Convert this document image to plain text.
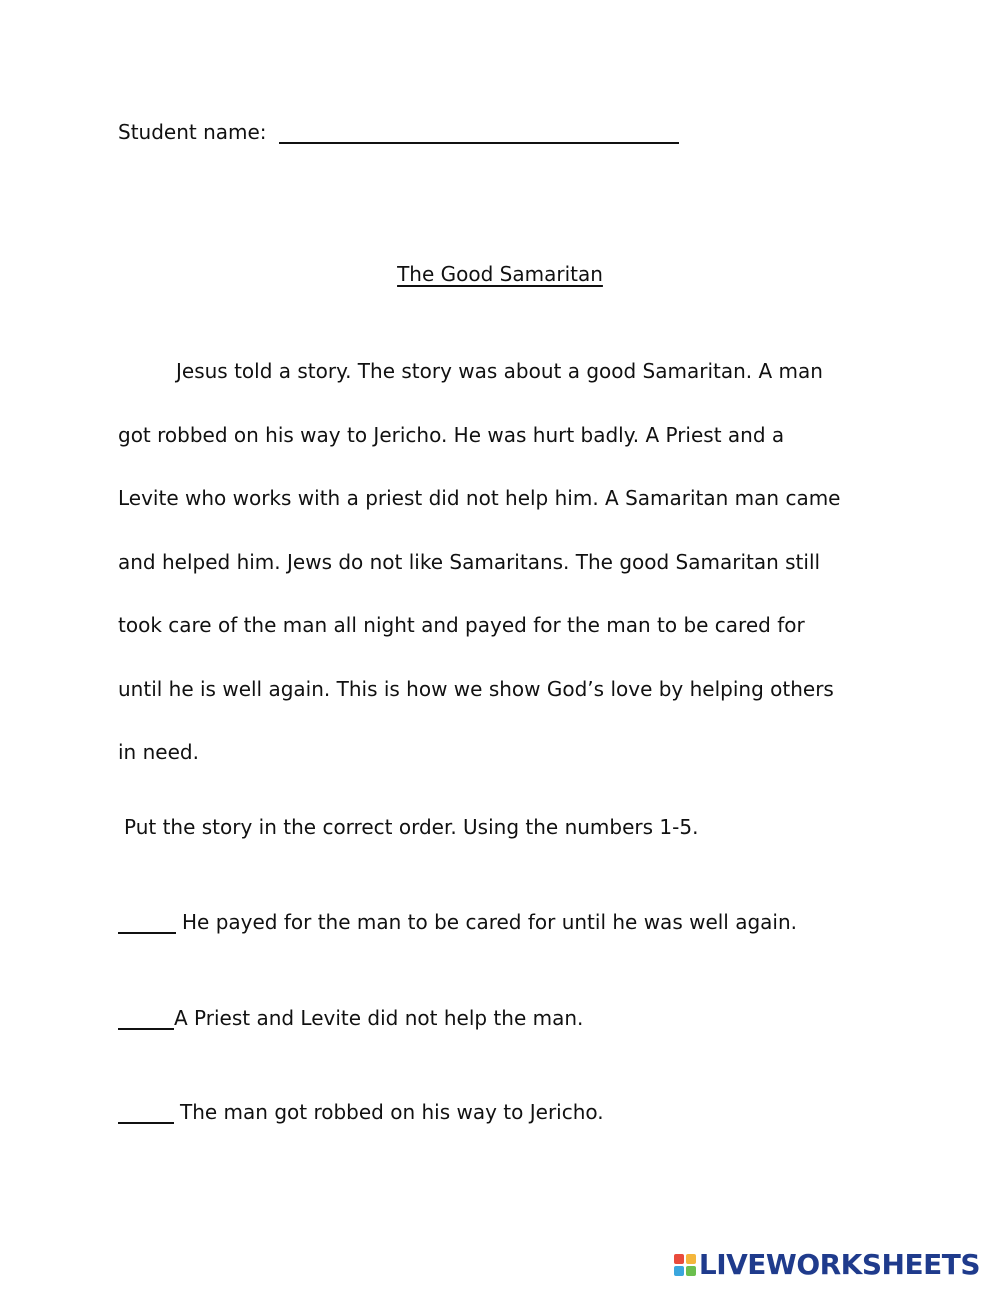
Student name:
The Good Samaritan
Jesus told a story. The story was about a good Samaritan. A man
got robbed on his way to Jericho. He was hurt badly. A Priest and a
Levite who works with a priest did not help him. A Samaritan man came
and helped him. Jews do not like Samaritans. The good Samaritan still
took care of the man all night and payed for the man to be cared for
until he is well again. This is how we show God’s love by helping others
in need.
Put the story in the correct order. Using the numbers 1-5.
He payed for the man to be cared for until he was well again.
A Priest and Levite did not help the man.
The man got robbed on his way to Jericho.
LIVEWORKSHEETS
